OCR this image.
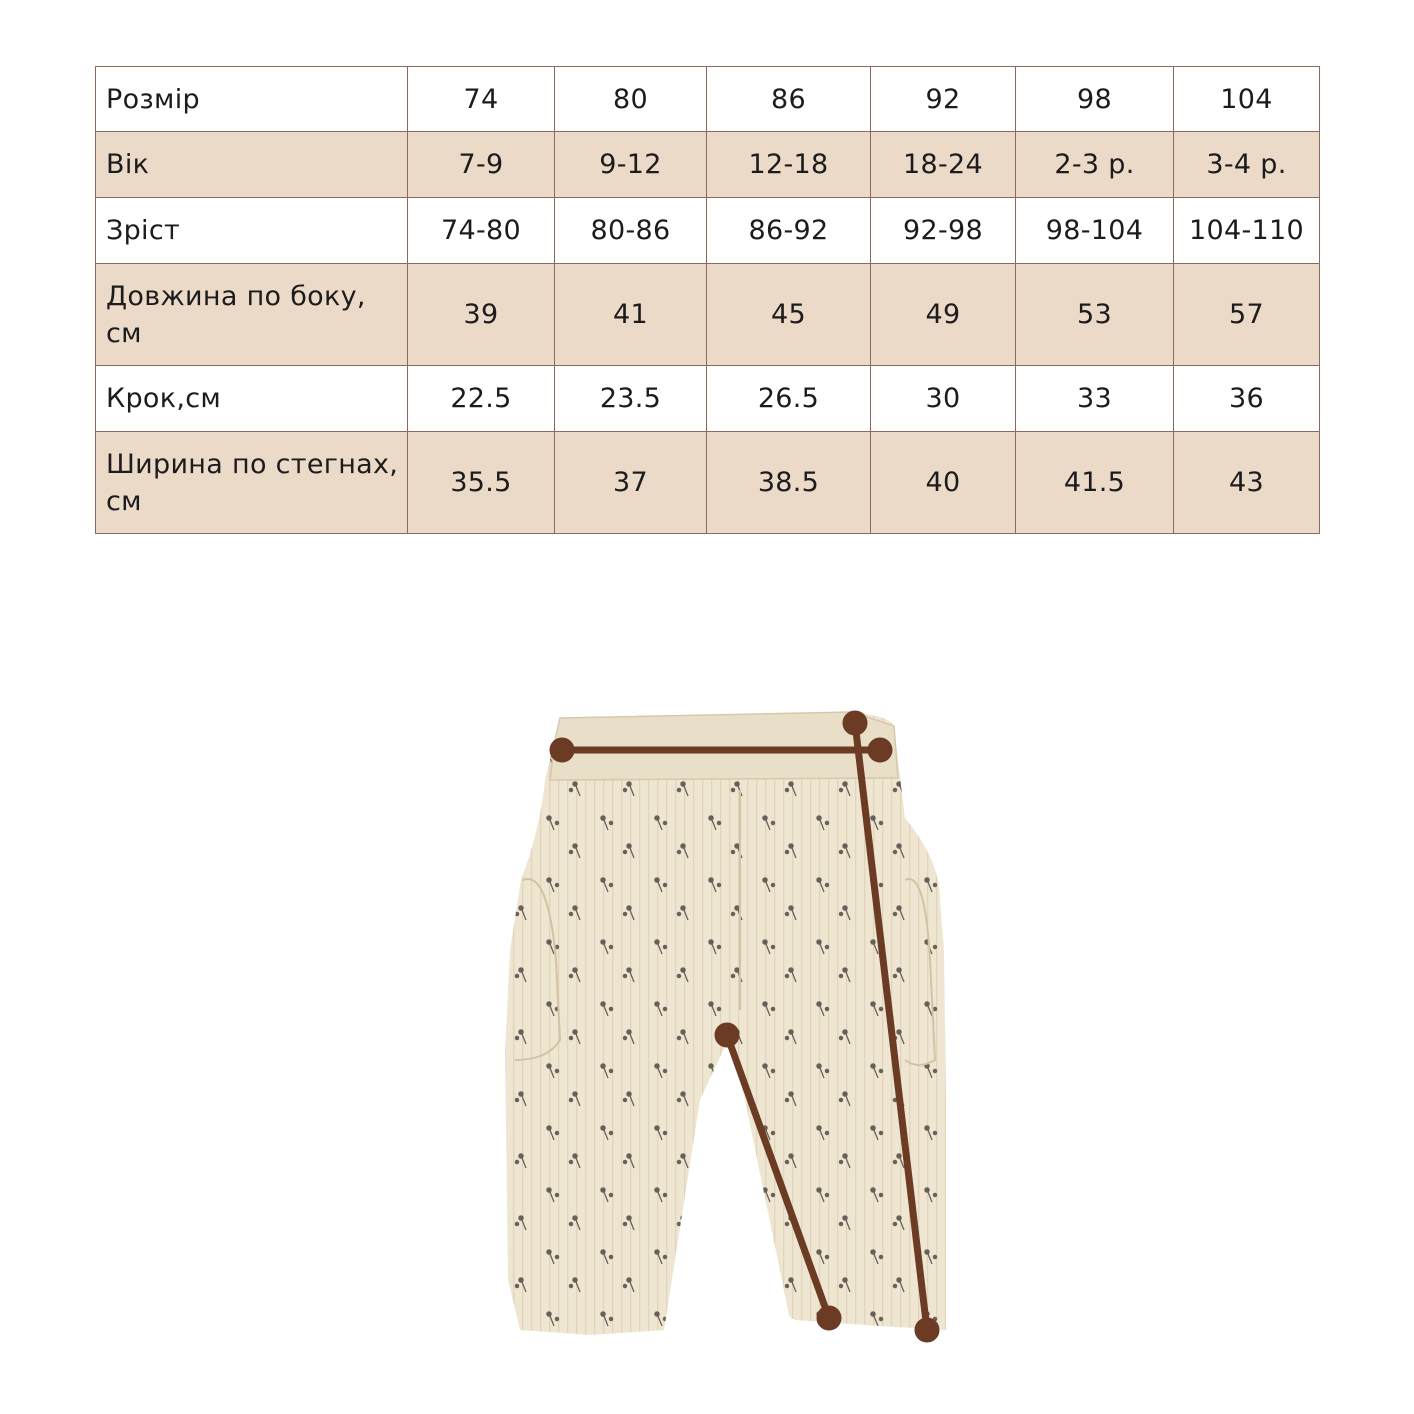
Розмір	74	80	86	92	98	104
Вік	7-9	9-12	12-18	18-24	2-3 р.	3-4 р.
Зріст	74-80	80-86	86-92	92-98	98-104	104-110
Довжина по боку, см	39	41	45	49	53	57
Крок,см	22.5	23.5	26.5	30	33	36
Ширина по стегнах, см	35.5	37	38.5	40	41.5	43
